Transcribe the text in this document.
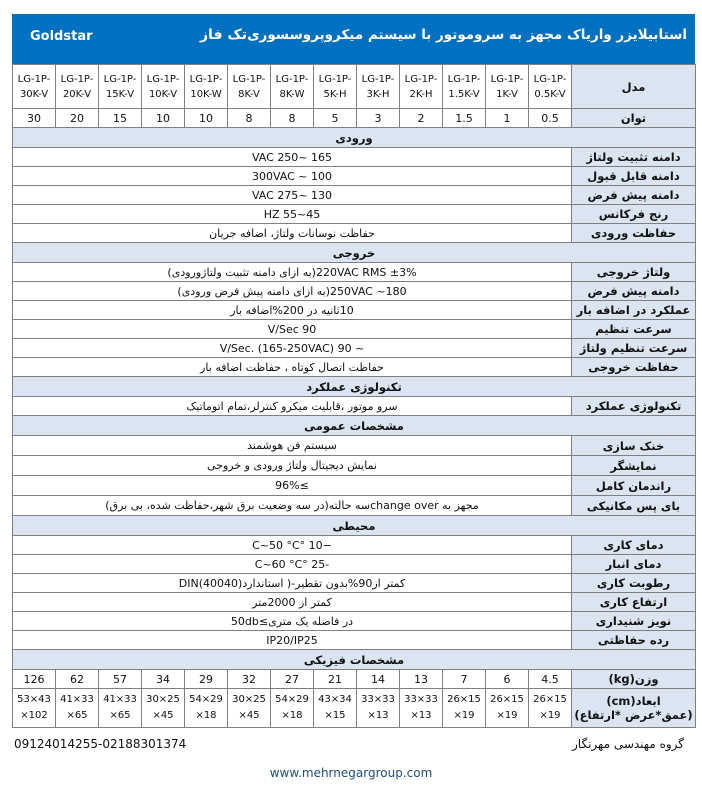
Goldstar	تک فاز استابیلایزر واریاک مجهز به سروموتور با سیستم میکروپروسسوری
LG-1P-30K-V	LG-1P-20K-V	LG-1P-15K-V	LG-1P-10K-V	LG-1P-10K-W	LG-1P-8K-V	LG-1P-8K-W	LG-1P-5K-H	LG-1P-3K-H	LG-1P-2K-H	LG-1P-1.5K-V	LG-1P-1K-V	LG-1P-0.5K-V	مدل
30	20	15	10	10	8	8	5	3	2	1.5	1	0.5	توان
ورودی													
165 ~250 VAC													دامنه تثبیت ولتاژ
100 ~ 300VAC													دامنه قابل قبول
130 ~275 VAC													دامنه پیش فرض
45~55 HZ													رنج فرکانس
حفاظت نوسانات ولتاژ، اضافه جریان													حفاظت ورودی
خروجی													
220VAC RMS ±3%(به ازای دامنه تثبیت ولتاژورودی)													ولتاژ خروجی
180~ 250VAC(به ازای دامنه پیش فرض ورودی)													دامنه پیش فرض
10ثانیه در 200%اضافه بار													عملکرد در اضافه بار
90 V/Sec													سرعت تنظیم
~ 90 V/Sec. (165-250VAC)													سرعت تنظیم ولتاژ
حفاظت اتصال کوتاه ، حفاظت اضافه بار													حفاظت خروجی
تکنولوژی عملکرد													
سرو موتور ،قابلیت میکرو کنترلر،تمام اتوماتیک													تکنولوژی عملکرد
مشخصات عمومی													
سیستم فن هوشمند													خنک سازی
نمایش دیجیتال ولتاژ ورودی و خروجی													نمایشگر
≥96%													راندمان کامل
مجهز به change overسه حالته(در سه وضعیت برق شهر،حفاظت شده، بی برق)													بای پس مکانیکی
محیطی													
−10 °C~50 °C													دمای کاری
-25 °C~60 °C													دمای انبار
کمتر از90%بدون تقطیر-( استاندارد(DIN(40040													رطوبت کاری
کمتر از 2000متر													ارتفاع کاری
در فاصله یک متری≥50db													نویز شنیداری
IP20/IP25													رده حفاظتی
مشخصات فیزیکی													
126	62	57	34	29	32	27	21	14	13	7	6	4.5	وزن(kg)
53×43 ×102	41×33 ×65	41×33 ×65	30×25 ×45	54×29 ×18	30×25 ×45	54×29 ×18	43×34 ×15	33×33 ×13	33×33 ×13	26×15 ×19	26×15 ×19	26×15 ×19	ابعاد(cm)
(عمق*عرض *ارتفاع)
09124014255-02188301374	گروه مهندسی مهرنگار
www.mehrnegargroup.com
